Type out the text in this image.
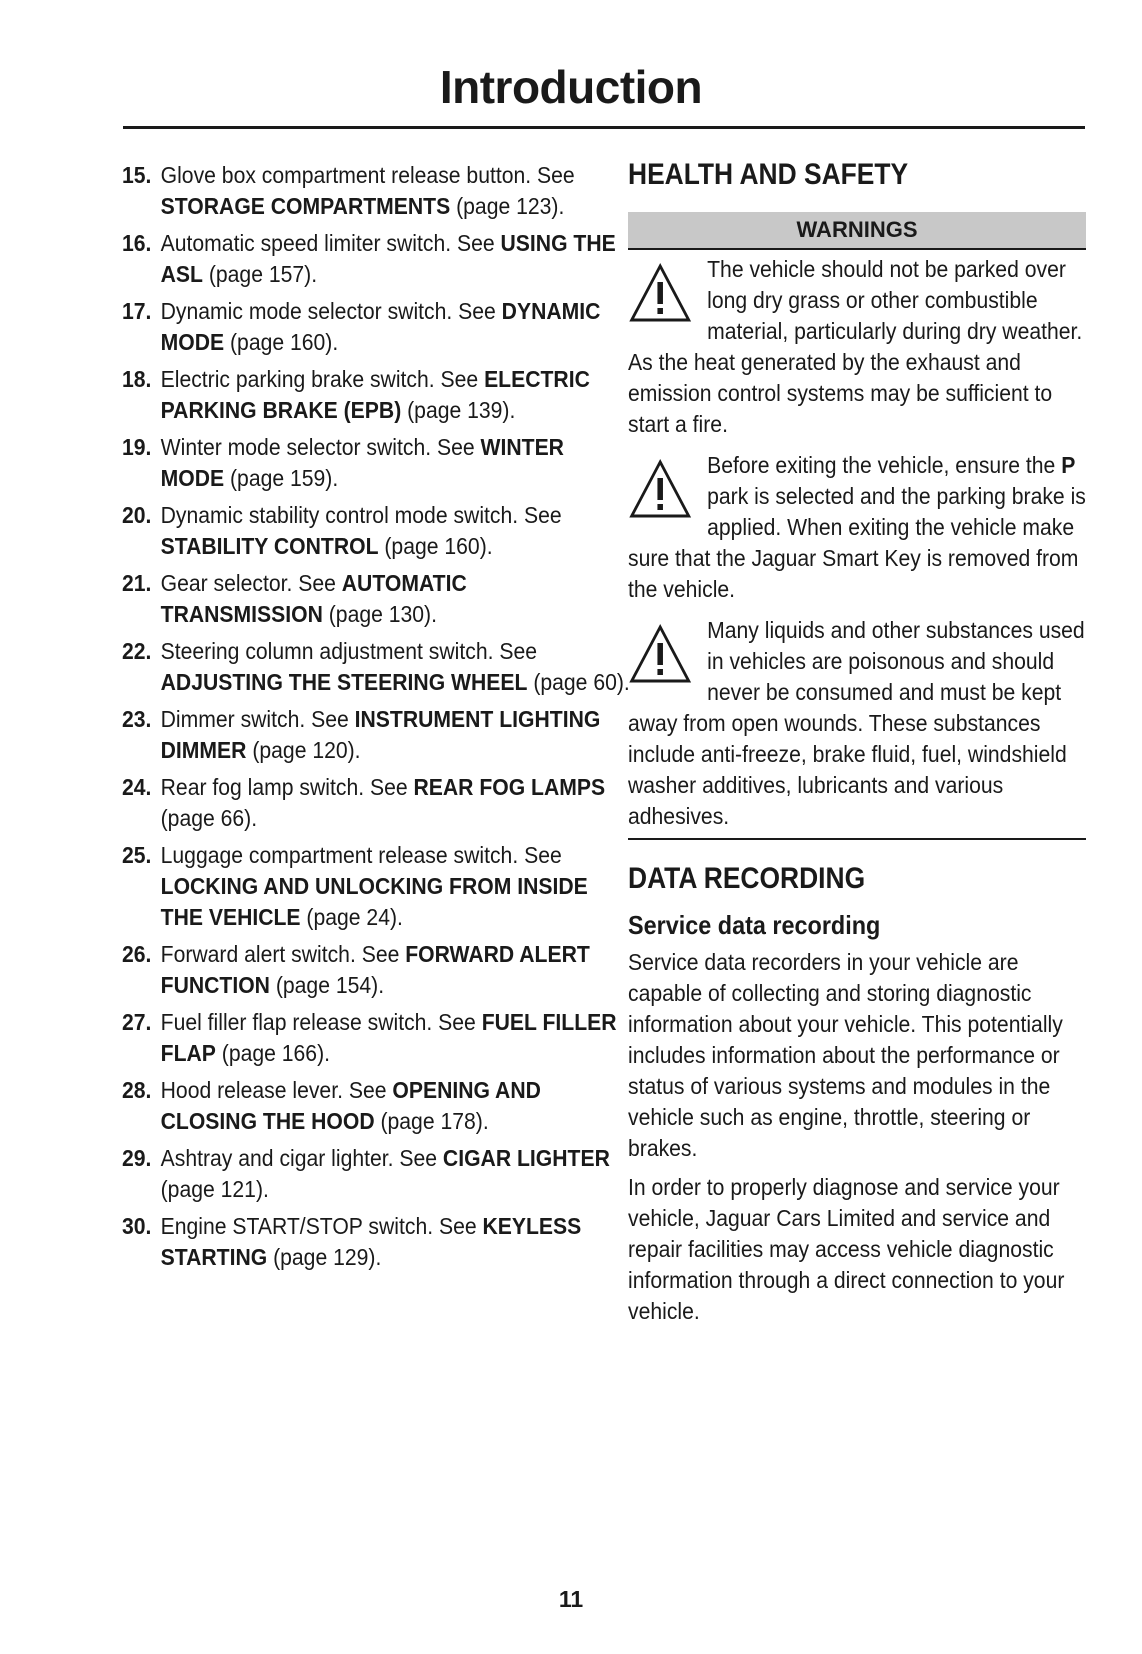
Introduction
15. Glove box compartment release button. See STORAGE COMPARTMENTS (page 123).
16. Automatic speed limiter switch. See USING THE ASL (page 157).
17. Dynamic mode selector switch. See DYNAMIC MODE (page 160).
18. Electric parking brake switch. See ELECTRIC PARKING BRAKE (EPB) (page 139).
19. Winter mode selector switch. See WINTER MODE (page 159).
20. Dynamic stability control mode switch. See STABILITY CONTROL (page 160).
21. Gear selector. See AUTOMATIC TRANSMISSION (page 130).
22. Steering column adjustment switch. See ADJUSTING THE STEERING WHEEL (page 60).
23. Dimmer switch. See INSTRUMENT LIGHTING DIMMER (page 120).
24. Rear fog lamp switch. See REAR FOG LAMPS (page 66).
25. Luggage compartment release switch. See LOCKING AND UNLOCKING FROM INSIDE THE VEHICLE (page 24).
26. Forward alert switch. See FORWARD ALERT FUNCTION (page 154).
27. Fuel filler flap release switch. See FUEL FILLER FLAP (page 166).
28. Hood release lever. See OPENING AND CLOSING THE HOOD (page 178).
29. Ashtray and cigar lighter. See CIGAR LIGHTER (page 121).
30. Engine START/STOP switch. See KEYLESS STARTING (page 129).
HEALTH AND SAFETY
WARNINGS
The vehicle should not be parked over long dry grass or other combustible material, particularly during dry weather. As the heat generated by the exhaust and emission control systems may be sufficient to start a fire.
Before exiting the vehicle, ensure the P park is selected and the parking brake is applied. When exiting the vehicle make sure that the Jaguar Smart Key is removed from the vehicle.
Many liquids and other substances used in vehicles are poisonous and should never be consumed and must be kept away from open wounds. These substances include anti-freeze, brake fluid, fuel, windshield washer additives, lubricants and various adhesives.
DATA RECORDING
Service data recording
Service data recorders in your vehicle are capable of collecting and storing diagnostic information about your vehicle. This potentially includes information about the performance or status of various systems and modules in the vehicle such as engine, throttle, steering or brakes.
In order to properly diagnose and service your vehicle, Jaguar Cars Limited and service and repair facilities may access vehicle diagnostic information through a direct connection to your vehicle.
11
